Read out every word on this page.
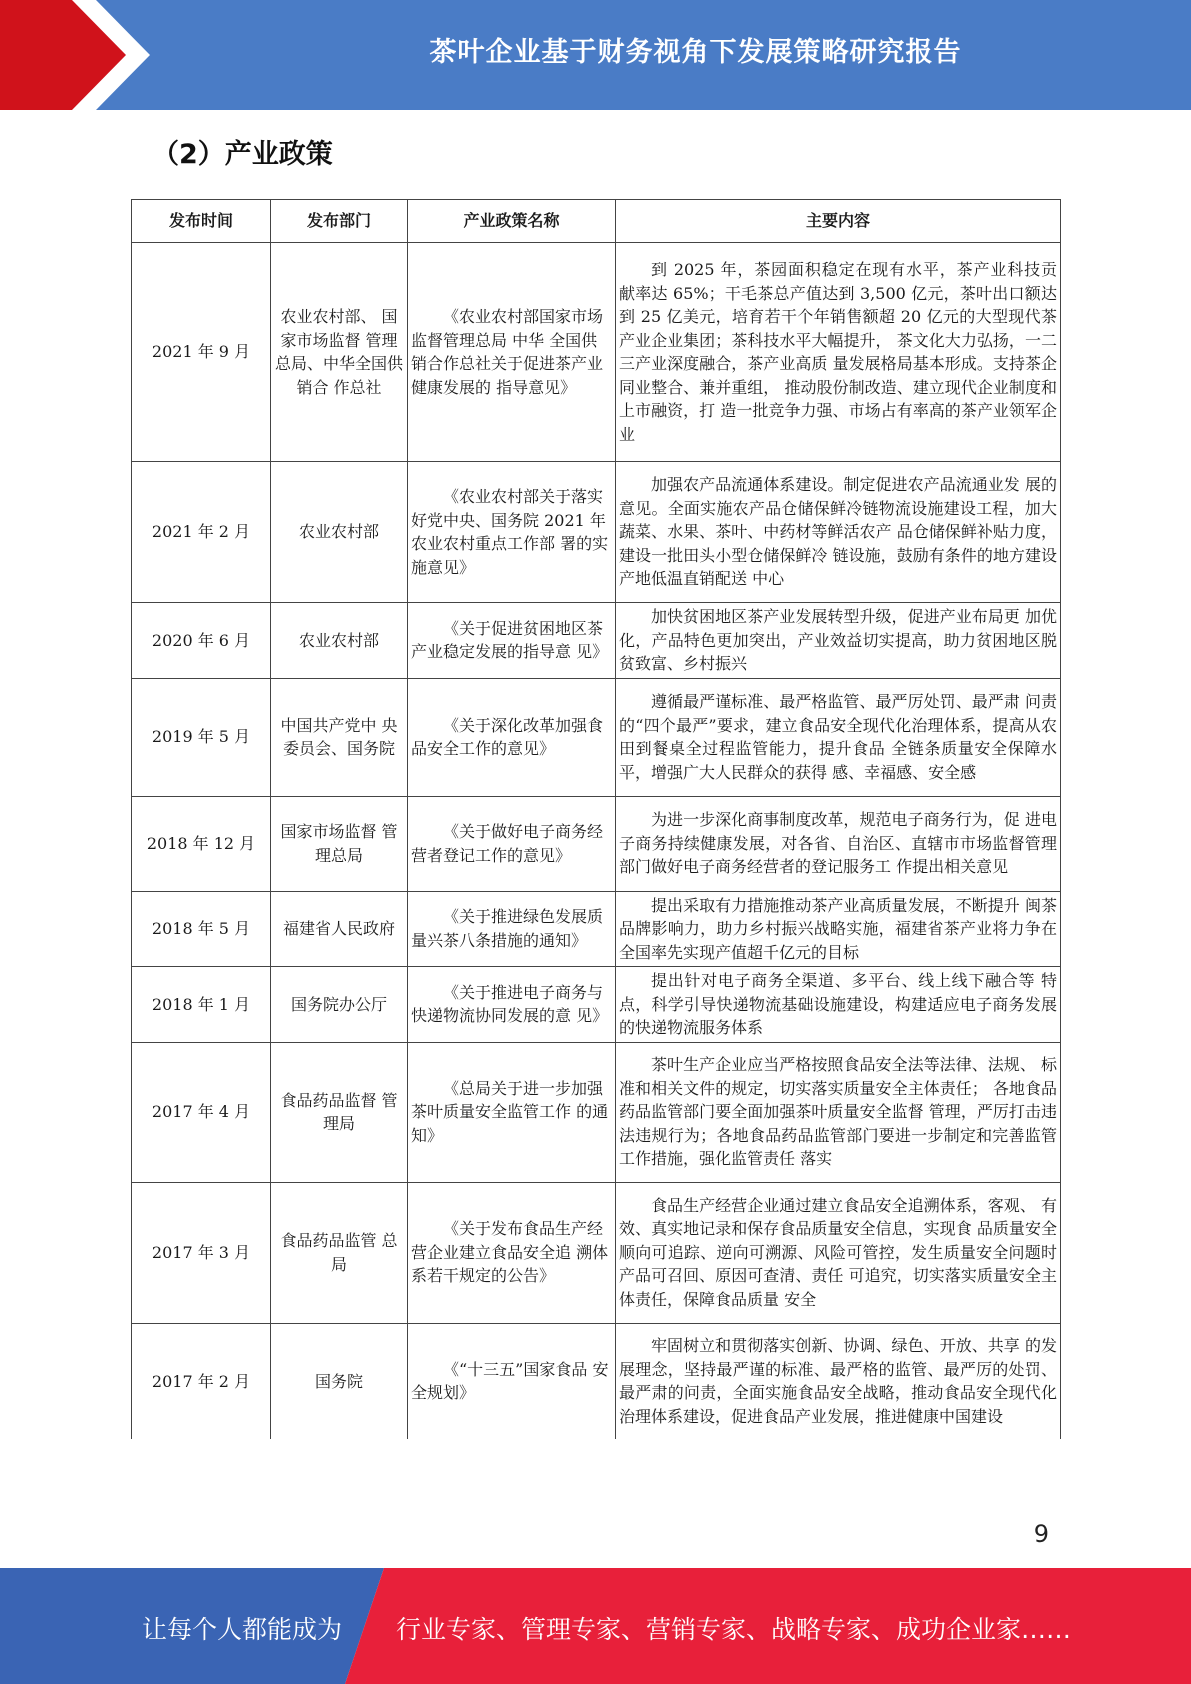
茶叶企业基于财务视角下发展策略研究报告
（2）产业政策
发布时间	发布部门	产业政策名称	主要内容
2021 年 9 月	农业农村部、 国家市场监督 管理总局、中华全国供销合 作总社	《农业农村部国家市场监督管理总局 中华 全国供销合作总社关于促进茶产业健康发展的 指导意见》	到 2025 年，茶园面积稳定在现有水平，茶产业科技贡 献率达 65%；干毛茶总产值达到 3,500 亿元，茶叶出口额达到 25 亿美元，培育若干个年销售额超 20 亿元的大型现代茶产业企业集团；茶科技水平大幅提升， 茶文化大力弘扬，一二三产业深度融合，茶产业高质 量发展格局基本形成。支持茶企同业整合、兼并重组， 推动股份制改造、建立现代企业制度和上市融资，打 造一批竞争力强、市场占有率高的茶产业领军企业
2021 年 2 月	农业农村部	《农业农村部关于落实 好党中央、国务院 2021 年农业农村重点工作部 署的实施意见》	加强农产品流通体系建设。制定促进农产品流通业发 展的意见。全面实施农产品仓储保鲜冷链物流设施建设工程，加大蔬菜、水果、茶叶、中药材等鲜活农产 品仓储保鲜补贴力度，建设一批田头小型仓储保鲜冷 链设施，鼓励有条件的地方建设产地低温直销配送 中心
2020 年 6 月	农业农村部	《关于促进贫困地区茶 产业稳定发展的指导意 见》	加快贫困地区茶产业发展转型升级，促进产业布局更 加优化，产品特色更加突出，产业效益切实提高，助力贫困地区脱贫致富、乡村振兴
2019 年 5 月	中国共产党中 央委员会、国务院	《关于深化改革加强食 品安全工作的意见》	遵循最严谨标准、最严格监管、最严厉处罚、最严肃 问责的“四个最严”要求，建立食品安全现代化治理体系，提高从农田到餐桌全过程监管能力，提升食品 全链条质量安全保障水平，增强广大人民群众的获得 感、幸福感、安全感
2018 年 12 月	国家市场监督 管理总局	《关于做好电子商务经 营者登记工作的意见》	为进一步深化商事制度改革，规范电子商务行为，促 进电子商务持续健康发展，对各省、自治区、直辖市市场监督管理部门做好电子商务经营者的登记服务工 作提出相关意见
2018 年 5 月	福建省人民政府	《关于推进绿色发展质 量兴茶八条措施的通知》	提出采取有力措施推动茶产业高质量发展，不断提升 闽茶品牌影响力，助力乡村振兴战略实施，福建省茶产业将力争在全国率先实现产值超千亿元的目标
2018 年 1 月	国务院办公厅	《关于推进电子商务与 快递物流协同发展的意 见》	提出针对电子商务全渠道、多平台、线上线下融合等 特点，科学引导快递物流基础设施建设，构建适应电子商务发展的快递物流服务体系
2017 年 4 月	食品药品监督 管理局	《总局关于进一步加强 茶叶质量安全监管工作 的通知》	茶叶生产企业应当严格按照食品安全法等法律、法规、 标准和相关文件的规定，切实落实质量安全主体责任； 各地食品药品监管部门要全面加强茶叶质量安全监督 管理，严厉打击违法违规行为；各地食品药品监管部门要进一步制定和完善监管工作措施，强化监管责任 落实
2017 年 3 月	食品药品监管 总局	《关于发布食品生产经 营企业建立食品安全追 溯体系若干规定的公告》	食品生产经营企业通过建立食品安全追溯体系，客观、 有效、真实地记录和保存食品质量安全信息，实现食 品质量安全顺向可追踪、逆向可溯源、风险可管控，发生质量安全问题时产品可召回、原因可查清、责任 可追究，切实落实质量安全主体责任，保障食品质量 安全
2017 年 2 月	国务院	《“十三五”国家食品 安全规划》	牢固树立和贯彻落实创新、协调、绿色、开放、共享 的发展理念，坚持最严谨的标准、最严格的监管、最严厉的处罚、最严肃的问责，全面实施食品安全战略，推动食品安全现代化治理体系建设，促进食品产业发展，推进健康中国建设
9
让每个人都能成为 行业专家、管理专家、营销专家、战略专家、成功企业家……
